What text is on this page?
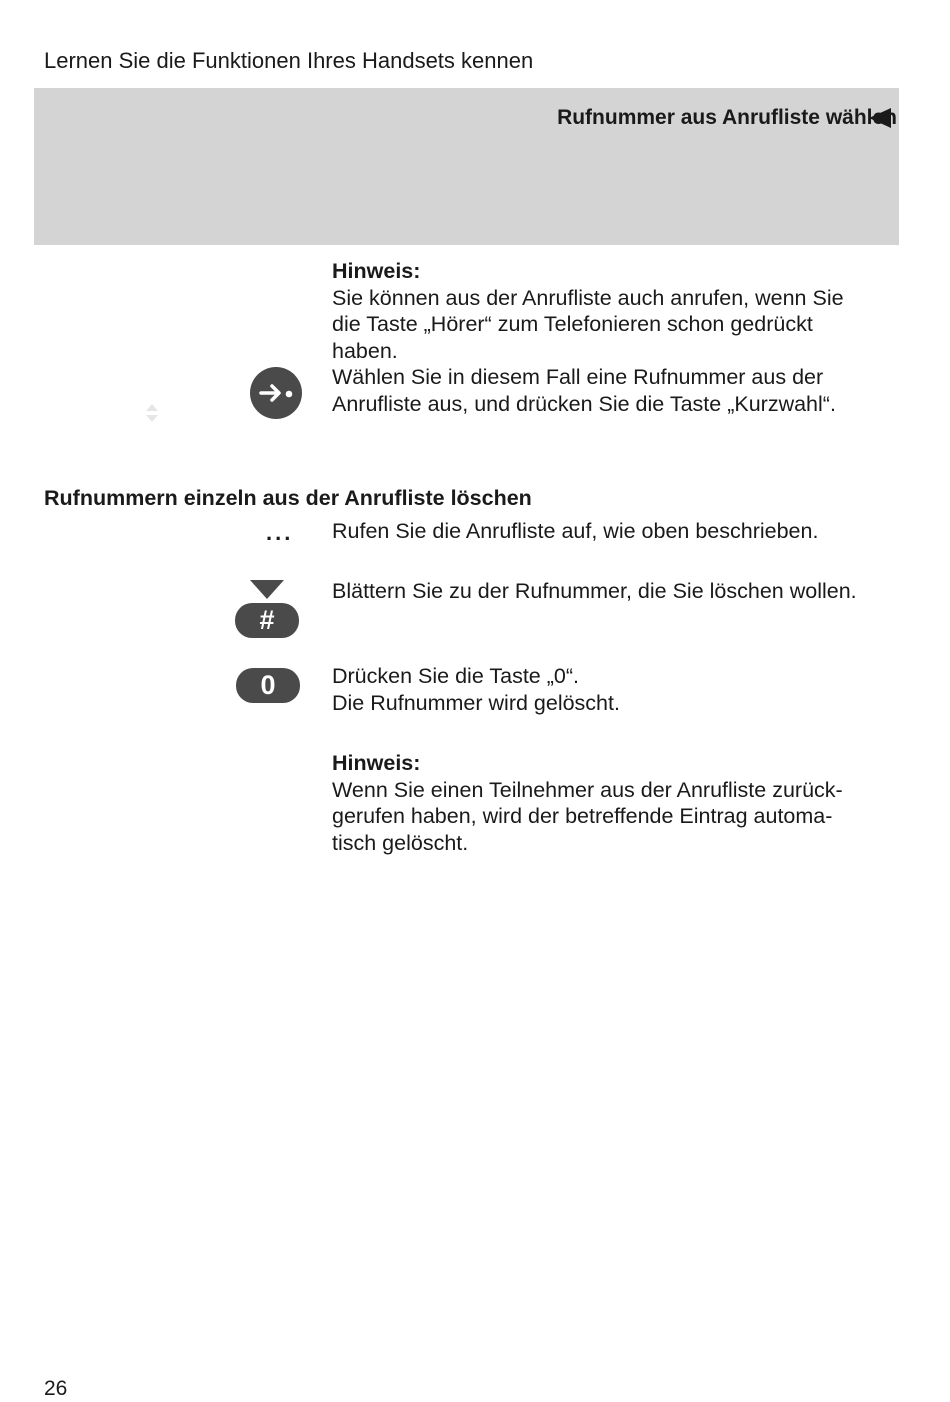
Lernen Sie die Funktionen Ihres Handsets kennen
Rufnummer aus Anrufliste wählen

Hinweis:

Sie können aus der Anrufliste auch anrufen, wenn Sie

die Taste „Hörer“ zum Telefonieren schon gedrückt

haben.

Wählen Sie in diesem Fall eine Rufnummer aus der

Anrufliste aus, und drücken Sie die Taste „Kurzwahl“.

Rufnummern einzeln aus der Anrufliste löschen
... Rufen Sie die Anrufliste auf, wie oben beschrieben.
#
Blättern Sie zu der Rufnummer, die Sie löschen wollen.
0	Drücken Sie die Taste „0“.

Die Rufnummer wird gelöscht.

Hinweis:

Wenn Sie einen Teilnehmer aus der Anrufliste zurück-

gerufen haben, wird der betreffende Eintrag automa-

tisch gelöscht.

26
